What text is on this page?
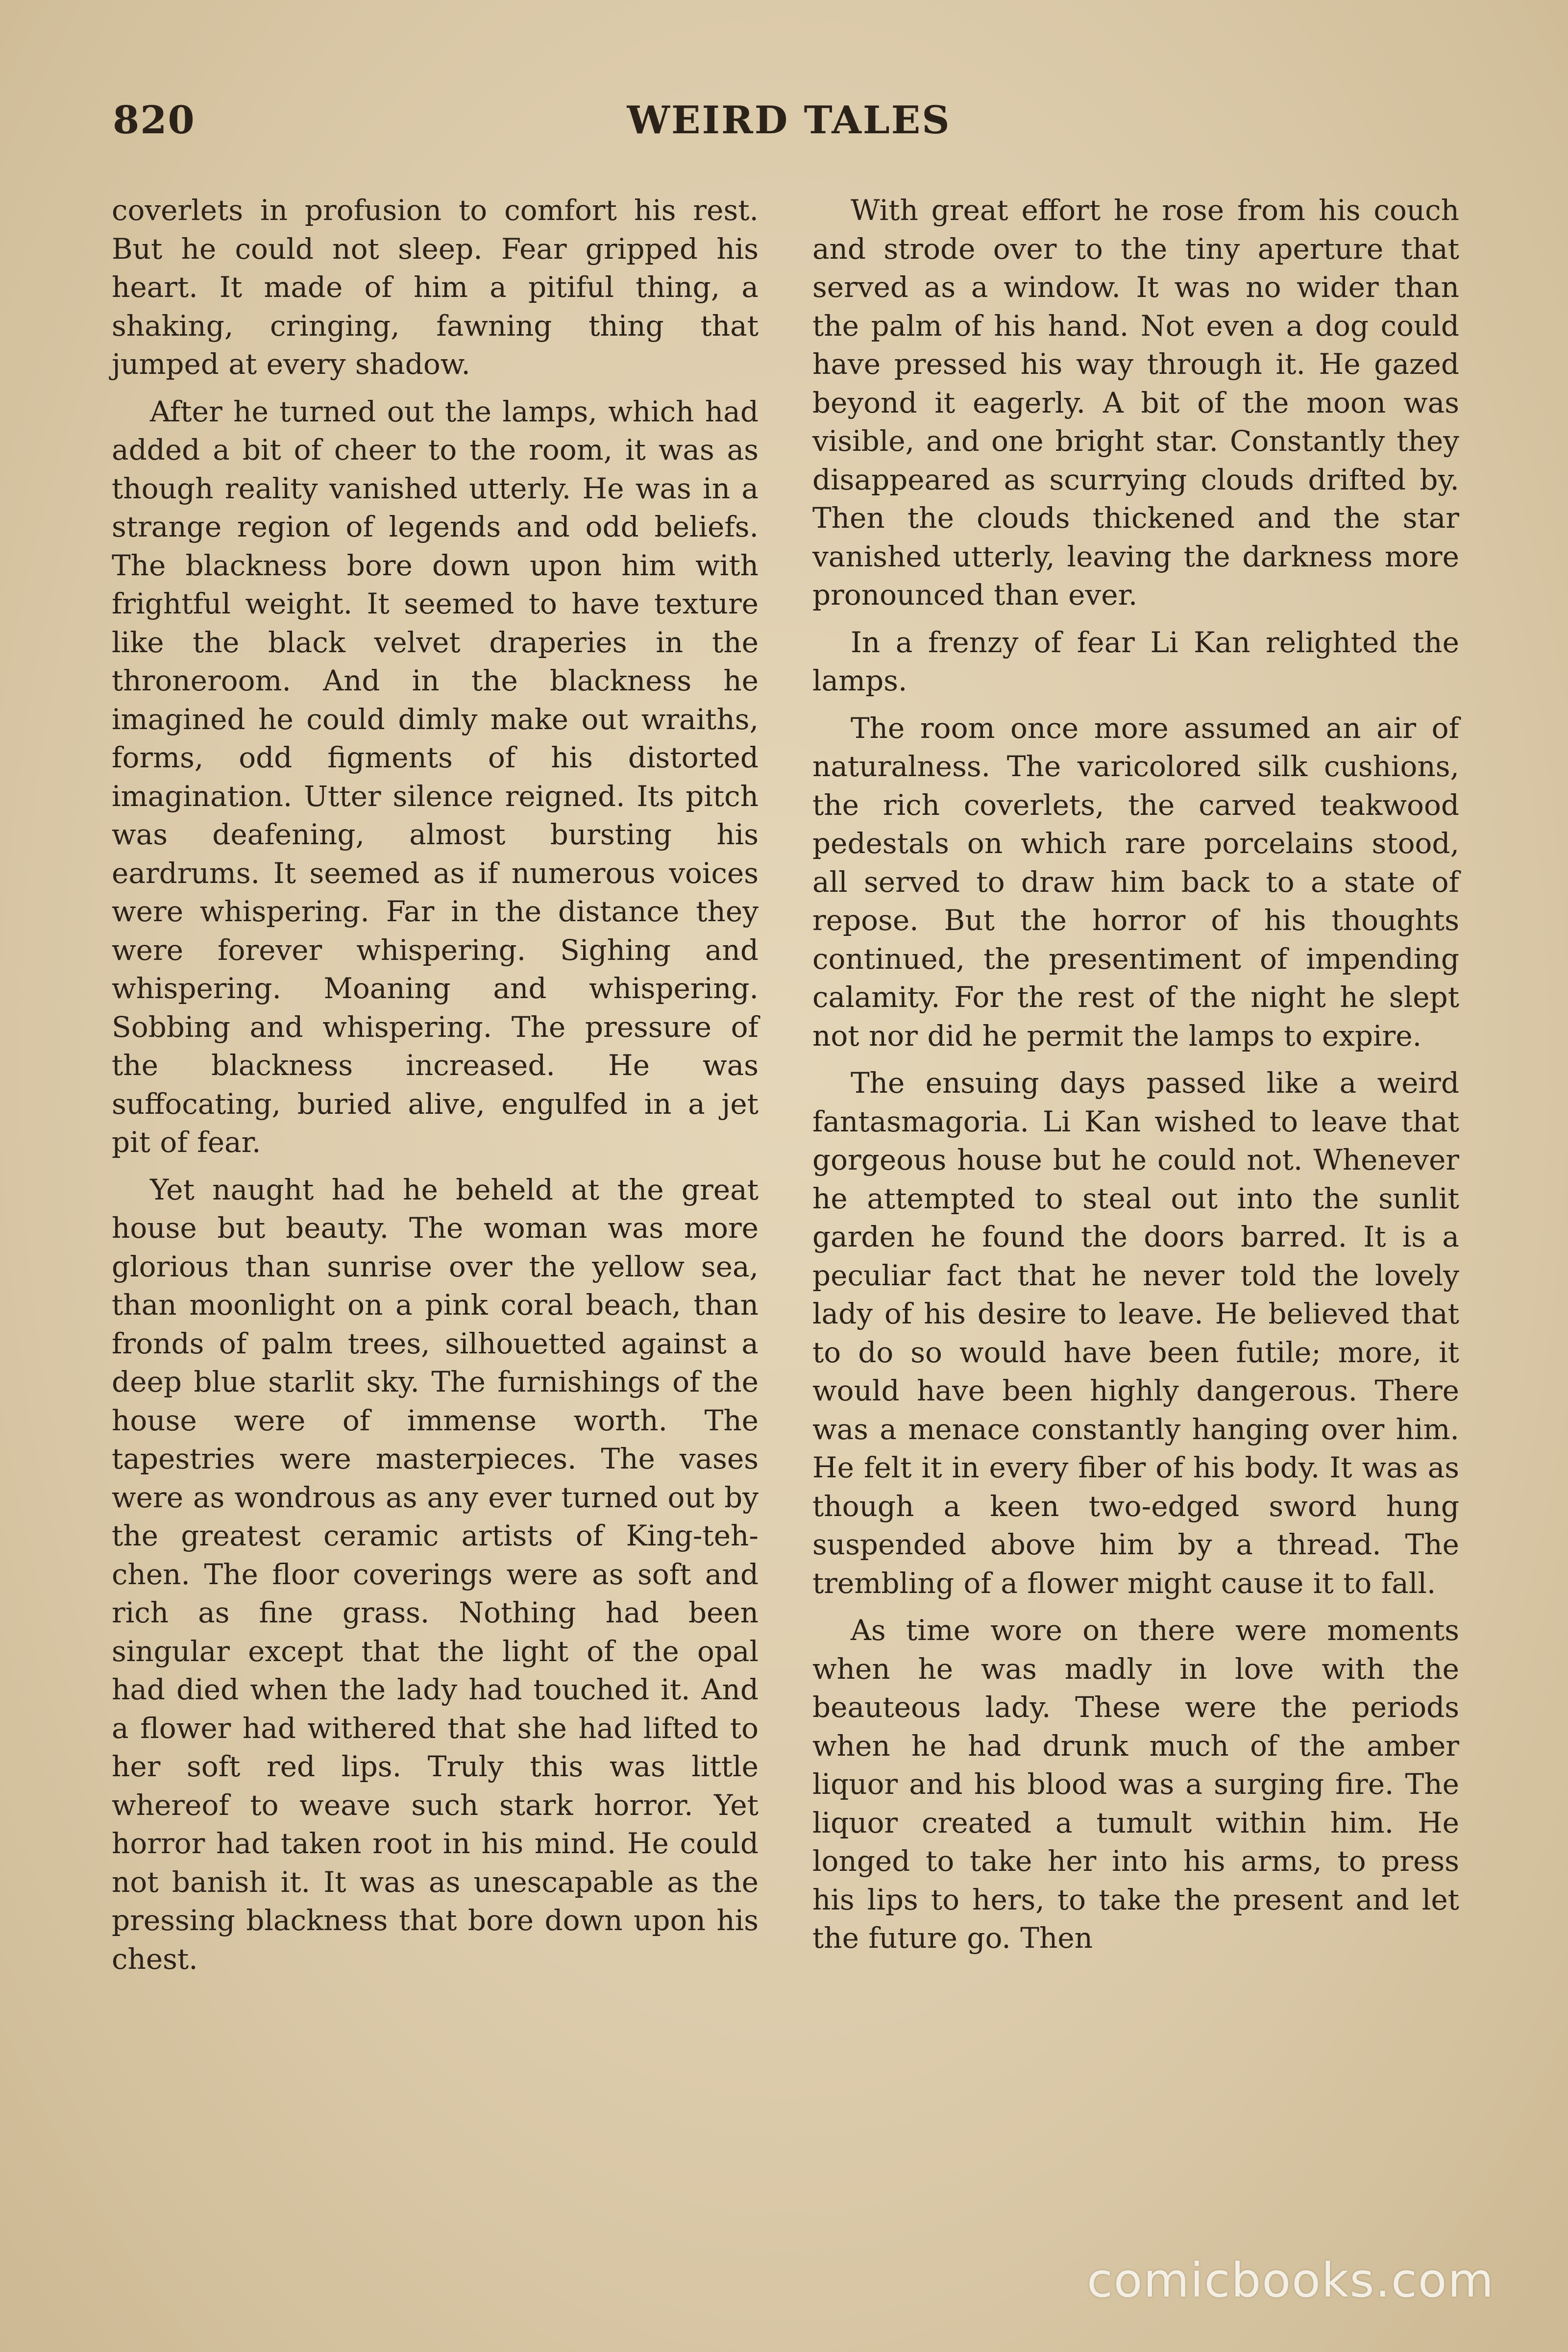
820	WEIRD TALES

coverlets in profusion to comfort his rest. But he could not sleep. Fear gripped his heart. It made of him a pitiful thing, a shaking, cringing, fawning thing that jumped at every shadow.

After he turned out the lamps, which had added a bit of cheer to the room, it was as though reality vanished utterly. He was in a strange region of legends and odd beliefs. The blackness bore down upon him with frightful weight. It seemed to have texture like the black velvet draperies in the throneroom. And in the blackness he imagined he could dimly make out wraiths, forms, odd figments of his distorted imagination. Utter silence reigned. Its pitch was deafening, almost bursting his eardrums. It seemed as if numerous voices were whispering. Far in the distance they were forever whispering. Sighing and whispering. Moaning and whispering. Sobbing and whispering. The pressure of the blackness increased. He was suffocating, buried alive, engulfed in a jet pit of fear.

Yet naught had he beheld at the great house but beauty. The woman was more glorious than sunrise over the yellow sea, than moonlight on a pink coral beach, than fronds of palm trees, silhouetted against a deep blue starlit sky. The furnishings of the house were of immense worth. The tapestries were masterpieces. The vases were as wondrous as any ever turned out by the greatest ceramic artists of King-teh-chen. The floor coverings were as soft and rich as fine grass. Nothing had been singular except that the light of the opal had died when the lady had touched it. And a flower had withered that she had lifted to her soft red lips. Truly this was little whereof to weave such stark horror. Yet horror had taken root in his mind. He could not banish it. It was as unescapable as the pressing blackness that bore down upon his chest.

With great effort he rose from his couch and strode over to the tiny aperture that served as a window. It was no wider than the palm of his hand. Not even a dog could have pressed his way through it. He gazed beyond it eagerly. A bit of the moon was visible, and one bright star. Constantly they disappeared as scurrying clouds drifted by. Then the clouds thickened and the star vanished utterly, leaving the darkness more pronounced than ever.

In a frenzy of fear Li Kan relighted the lamps.

The room once more assumed an air of naturalness. The varicolored silk cushions, the rich coverlets, the carved teakwood pedestals on which rare porcelains stood, all served to draw him back to a state of repose. But the horror of his thoughts continued, the presentiment of impending calamity. For the rest of the night he slept not nor did he permit the lamps to expire.

The ensuing days passed like a weird fantasmagoria. Li Kan wished to leave that gorgeous house but he could not. Whenever he attempted to steal out into the sunlit garden he found the doors barred. It is a peculiar fact that he never told the lovely lady of his desire to leave. He believed that to do so would have been futile; more, it would have been highly dangerous. There was a menace constantly hanging over him. He felt it in every fiber of his body. It was as though a keen two-edged sword hung suspended above him by a thread. The trembling of a flower might cause it to fall.

As time wore on there were moments when he was madly in love with the beauteous lady. These were the periods when he had drunk much of the amber liquor and his blood was a surging fire. The liquor created a tumult within him. He longed to take her into his arms, to press his lips to hers, to take the present and let the future go. Then

comicbooks.com
